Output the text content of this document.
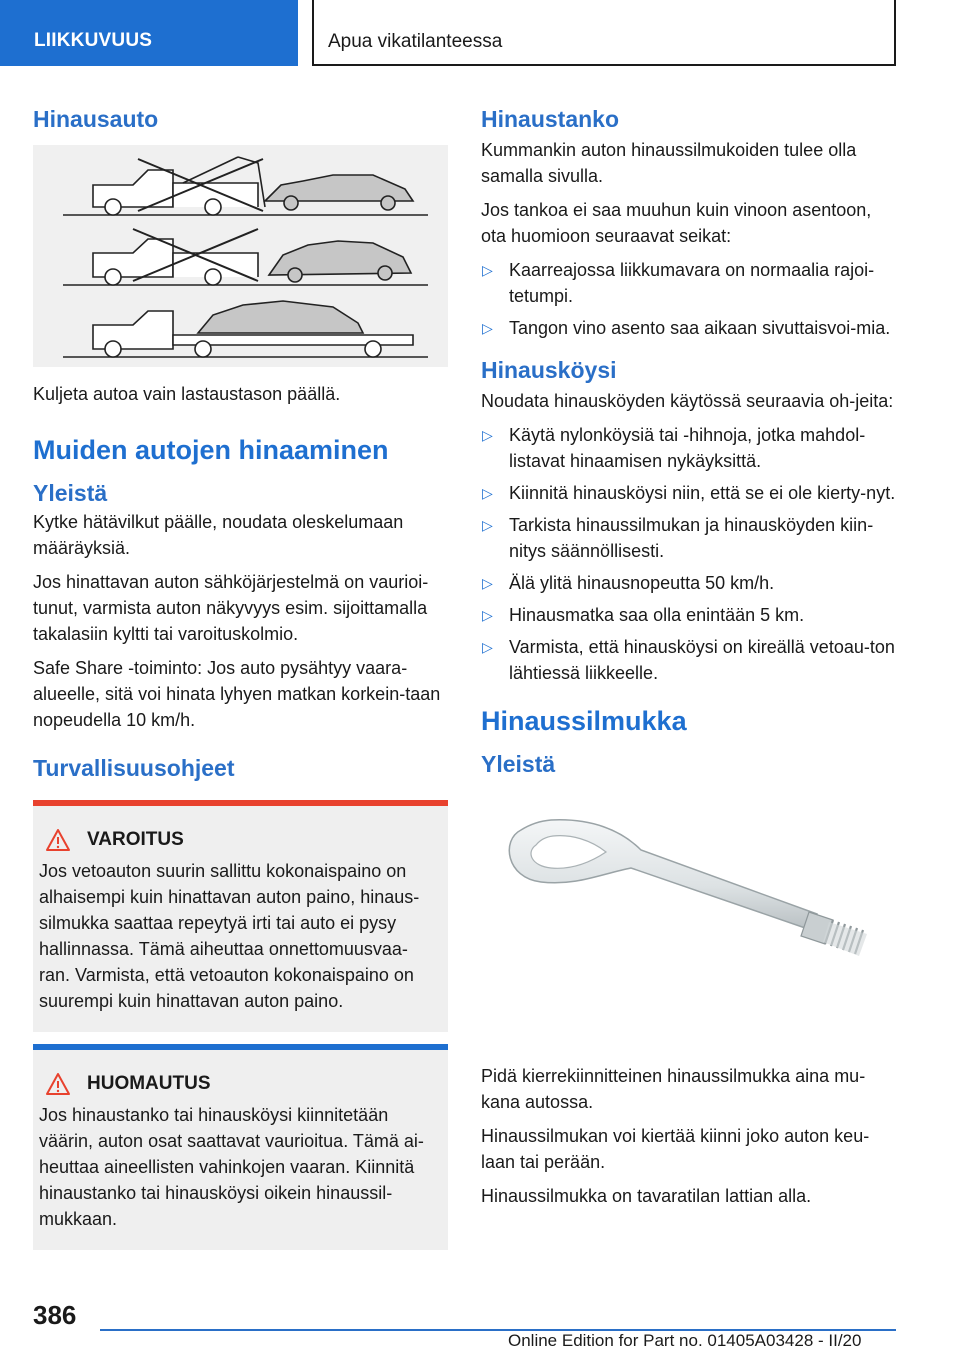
LIIKKUVUUS	Apua vikatilanteessa
Hinausauto

Kuljeta autoa vain lastaustason päällä.

Muiden autojen hinaaminen
Yleistä

Kytke hätävilkut päälle, noudata oleskelumaan määräyksiä.

Jos hinattavan auton sähköjärjestelmä on vaurioi-tunut, varmista auton näkyvyys esim. sijoittamalla takalasiin kyltti tai varoituskolmio.

Safe Share -toiminto: Jos auto pysähtyy vaara-alueelle, sitä voi hinata lyhyen matkan korkein-taan nopeudella 10 km/h.

Turvallisuusohjeet
VAROITUS

Jos vetoauton suurin sallittu kokonaispaino on alhaisempi kuin hinattavan auton paino, hinaus-silmukka saattaa repeytyä irti tai auto ei pysy hallinnassa. Tämä aiheuttaa onnettomuusvaa-ran. Varmista, että vetoauton kokonaispaino on suurempi kuin hinattavan auton paino.

HUOMAUTUS

Jos hinaustanko tai hinausköysi kiinnitetään väärin, auton osat saattavat vaurioitua. Tämä ai-heuttaa aineellisten vahinkojen vaaran. Kiinnitä hinaustanko tai hinausköysi oikein hinaussil-mukkaan.

Hinaustanko

Kummankin auton hinaussilmukoiden tulee olla samalla sivulla.

Jos tankoa ei saa muuhun kuin vinoon asentoon, ota huomioon seuraavat seikat:

▷ Kaarreajossa liikkumavara on normaalia rajoi-tetumpi.
▷ Tangon vino asento saa aikaan sivuttaisvoi-mia.
Hinausköysi

Noudata hinausköyden käytössä seuraavia oh-jeita:

▷ Käytä nylonköysiä tai -hihnoja, jotka mahdol-listavat hinaamisen nykäyksittä.
▷ Kiinnitä hinausköysi niin, että se ei ole kierty-nyt.
▷ Tarkista hinaussilmukan ja hinausköyden kiin-nitys säännöllisesti.
▷ Älä ylitä hinausnopeutta 50 km/h.
▷ Hinausmatka saa olla enintään 5 km.
▷ Varmista, että hinausköysi on kireällä vetoau-ton lähtiessä liikkeelle.
Hinaussilmukka
Yleistä

Pidä kierrekiinnitteinen hinaussilmukka aina mu-kana autossa.

Hinaussilmukan voi kiertää kiinni joko auton keu-laan tai perään.

Hinaussilmukka on tavaratilan lattian alla.

386
Online Edition for Part no. 01405A03428 - II/20
